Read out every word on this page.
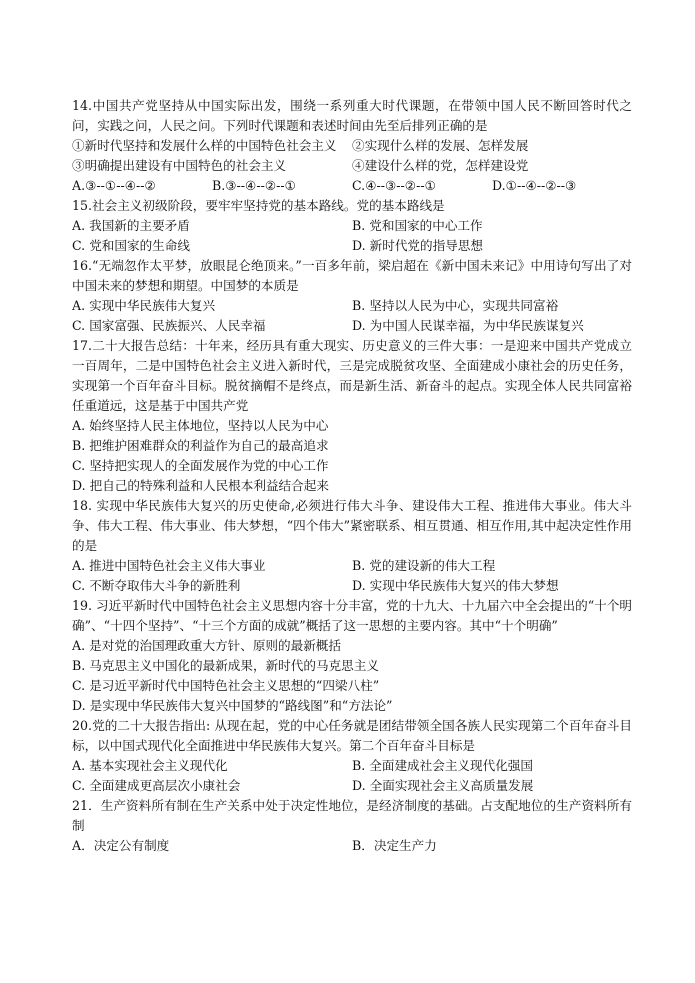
14.中国共产党坚持从中国实际出发，围绕一系列重大时代课题，在带领中国人民不断回答时代之问，实践之问，人民之问。下列时代课题和表述时间由先至后排列正确的是
①新时代坚持和发展什么样的中国特色社会主义	②实现什么样的发展、怎样发展
③明确提出建设有中国特色的社会主义	④建设什么样的党，怎样建设党
A.③--①--④--②	B.③--④--②--①	C.④--③--②--①	D.①--④--②--③
15.社会主义初级阶段，要牢牢坚持党的基本路线。党的基本路线是
A. 我国新的主要矛盾	B. 党和国家的中心工作
C. 党和国家的生命线	D. 新时代党的指导思想
16.“无端忽作太平梦，放眼昆仑绝顶来。”一百多年前，梁启超在《新中国未来记》中用诗句写出了对中国未来的梦想和期望。中国梦的本质是
A. 实现中华民族伟大复兴	B. 坚持以人民为中心，实现共同富裕
C. 国家富强、民族振兴、人民幸福	D. 为中国人民谋幸福，为中华民族谋复兴
17.二十大报告总结：十年来，经历具有重大现实、历史意义的三件大事：一是迎来中国共产党成立一百周年，二是中国特色社会主义进入新时代，三是完成脱贫攻坚、全面建成小康社会的历史任务，实现第一个百年奋斗目标。脱贫摘帽不是终点，而是新生活、新奋斗的起点。实现全体人民共同富裕任重道远，这是基于中国共产党
A. 始终坚持人民主体地位，坚持以人民为中心
B. 把维护困难群众的利益作为自己的最高追求
C. 坚持把实现人的全面发展作为党的中心工作
D. 把自己的特殊利益和人民根本利益结合起来
18. 实现中华民族伟大复兴的历史使命,必须进行伟大斗争、建设伟大工程、推进伟大事业。伟大斗争、伟大工程、伟大事业、伟大梦想，“四个伟大”紧密联系、相互贯通、相互作用,其中起决定性作用的是
A. 推进中国特色社会主义伟大事业	B. 党的建设新的伟大工程
C. 不断夺取伟大斗争的新胜利	D. 实现中华民族伟大复兴的伟大梦想
19. 习近平新时代中国特色社会主义思想内容十分丰富，党的十九大、十九届六中全会提出的“十个明确”、“十四个坚持”、“十三个方面的成就”概括了这一思想的主要内容。其中“十个明确”
A. 是对党的治国理政重大方针、原则的最新概括
B. 马克思主义中国化的最新成果，新时代的马克思主义
C. 是习近平新时代中国特色社会主义思想的“四梁八柱”
D. 是实现中华民族伟大复兴中国梦的“路线图”和“方法论”
20.党的二十大报告指出: 从现在起，党的中心任务就是团结带领全国各族人民实现第二个百年奋斗目标，以中国式现代化全面推进中华民族伟大复兴。第二个百年奋斗目标是
A. 基本实现社会主义现代化	B. 全面建成社会主义现代化强国
C. 全面建成更高层次小康社会	D. 全面实现社会主义高质量发展
21．生产资料所有制在生产关系中处于决定性地位，是经济制度的基础。占支配地位的生产资料所有制
A．决定公有制度	B．决定生产力
